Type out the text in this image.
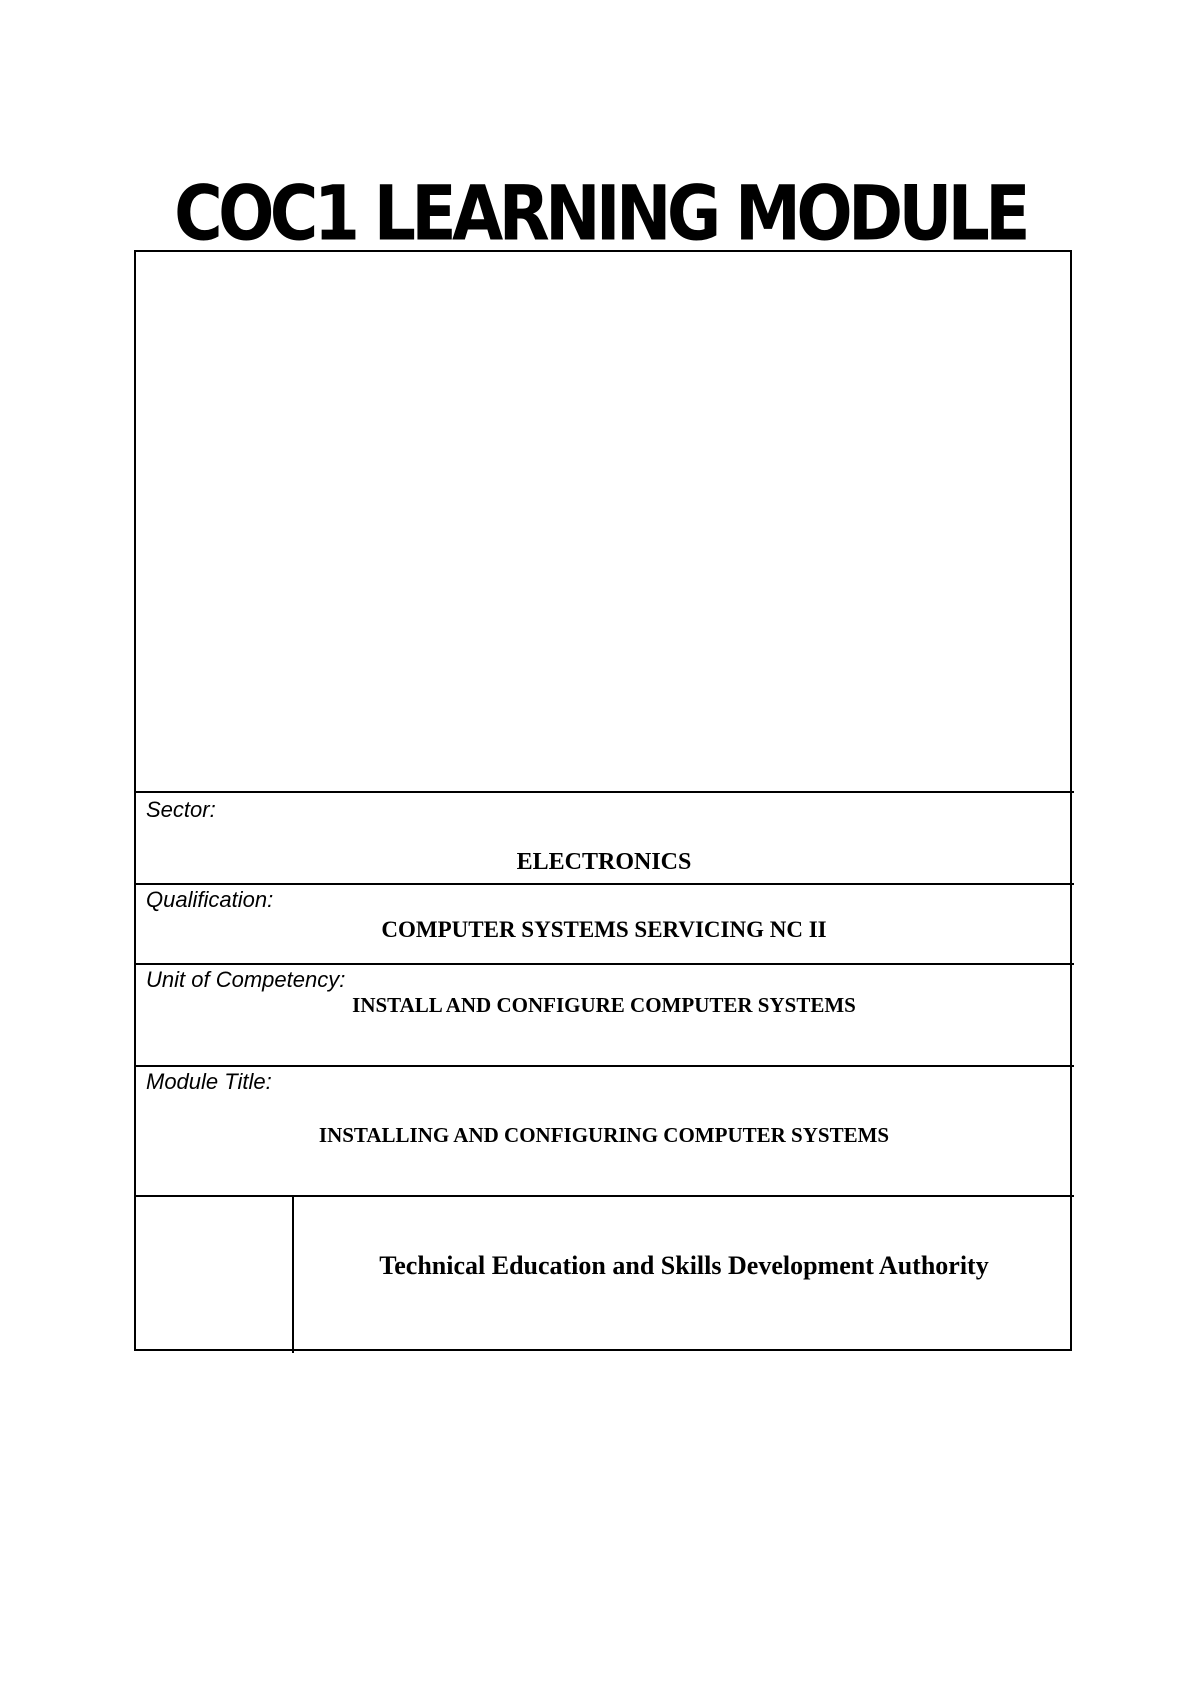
COC1 LEARNING MODULE
Sector:
ELECTRONICS
Qualification:
COMPUTER SYSTEMS SERVICING NC II
Unit of Competency:
INSTALL AND CONFIGURE COMPUTER SYSTEMS
Module Title:
INSTALLING AND CONFIGURING COMPUTER SYSTEMS
Technical Education and Skills Development Authority
